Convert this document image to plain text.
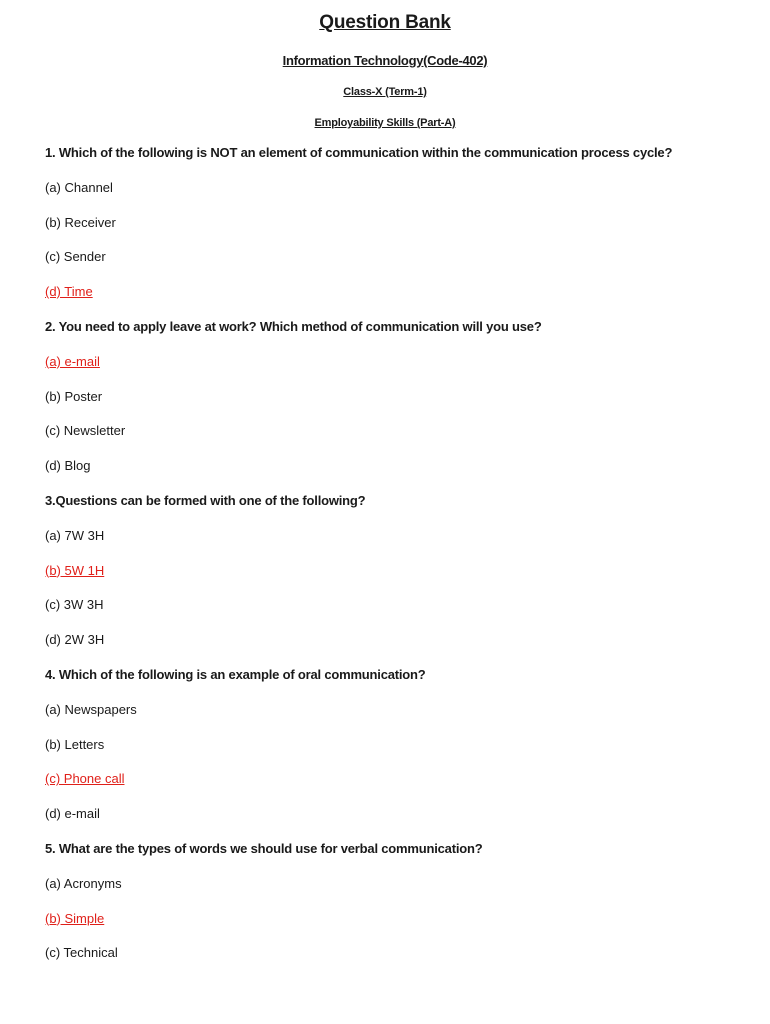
Question Bank

Information Technology(Code-402)

Class-X (Term-1)

Employability Skills (Part-A)

1. Which of the following is NOT an element of communication within the communication process cycle?

(a) Channel
(b) Receiver
(c) Sender
(d) Time

2. You need to apply leave at work? Which method of communication will you use?

(a) e-mail
(b) Poster
(c) Newsletter
(d) Blog

3.Questions can be formed with one of the following?

(a) 7W 3H
(b) 5W 1H
(c) 3W 3H
(d) 2W 3H

4. Which of the following is an example of oral communication?

(a) Newspapers
(b) Letters
(c) Phone call
(d) e-mail

5. What are the types of words we should use for verbal communication?

(a) Acronyms
(b) Simple
(c) Technical
